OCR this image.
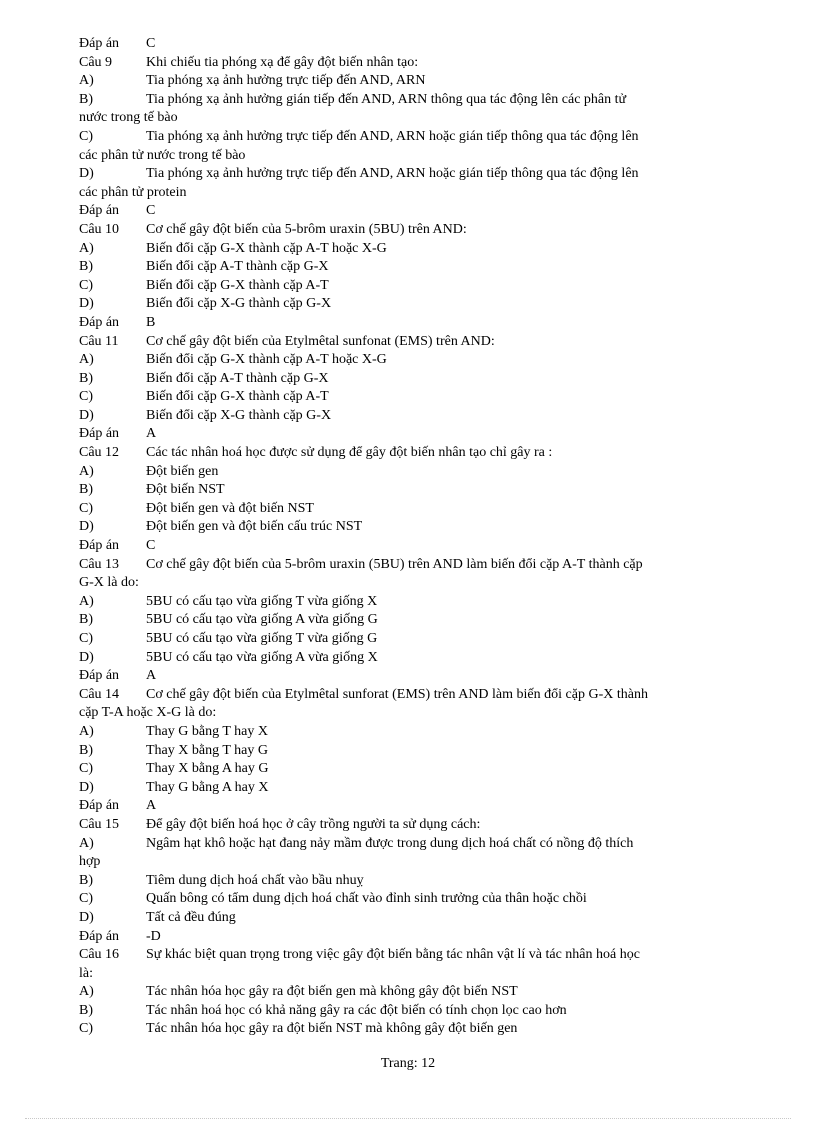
Đáp án	C
Câu 9	Khi chiếu tia phóng xạ để gây đột biến nhân tạo:
A)	Tia phóng xạ ảnh hưởng trực tiếp đến AND, ARN
B)	Tia phóng xạ ảnh hưởng gián tiếp đến AND, ARN thông qua tác động lên các phân tử
nước trong tế bào
C)	Tia phóng xạ ảnh hưởng trực tiếp đến AND, ARN hoặc gián tiếp thông qua tác động lên
các phân tử nước trong tế bào
D)	Tia phóng xạ ảnh hưởng trực tiếp đến AND, ARN hoặc gián tiếp thông qua tác động lên
các phân tử protein
Đáp án	C
Câu 10	Cơ chế gây đột biến của 5-brôm uraxin (5BU) trên AND:
A)	Biến đổi cặp G-X thành cặp A-T hoặc X-G
B)	Biến đổi cặp A-T thành cặp G-X
C)	Biến đổi cặp G-X thành cặp A-T
D)	Biến đổi cặp X-G thành cặp G-X
Đáp án	B
Câu 11	Cơ chế gây đột biến của Etylmêtal sunfonat (EMS) trên AND:
A)	Biến đổi cặp G-X thành cặp A-T hoặc X-G
B)	Biến đổi cặp A-T thành cặp G-X
C)	Biến đổi cặp G-X thành cặp A-T
D)	Biến đổi cặp X-G thành cặp G-X
Đáp án	A
Câu 12	Các tác nhân hoá học được sử dụng để gây đột biến nhân tạo chỉ gây ra :
A)	Đột biến gen
B)	Đột biến NST
C)	Đột biến gen và đột biến NST
D)	Đột biến gen và đột biến cấu trúc NST
Đáp án	C
Câu 13	Cơ chế gây đột biến của 5-brôm uraxin (5BU) trên AND làm biến đổi cặp A-T thành cặp
G-X là do:
A)	5BU có cấu tạo vừa giống T vừa giống X
B)	5BU có cấu tạo vừa giống A vừa giống G
C)	5BU có cấu tạo vừa giống T vừa giống G
D)	5BU có cấu tạo vừa giống A vừa giống X
Đáp án	A
Câu 14	Cơ chế gây đột biến của Etylmêtal sunforat (EMS) trên AND làm biến đổi cặp G-X thành
cặp T-A hoặc X-G là do:
A)	Thay G bằng T hay X
B)	Thay X bằng T hay G
C)	Thay X bằng A hay G
D)	Thay G bằng A hay X
Đáp án	A
Câu 15	Để gây đột biến hoá học ở cây trồng người ta sử dụng cách:
A)	Ngâm hạt khô hoặc hạt đang nảy mầm được trong dung dịch hoá chất có nồng độ thích
hợp
B)	Tiêm dung dịch hoá chất vào bầu nhuỵ
C)	Quấn bông có tẩm dung dịch hoá chất vào đỉnh sinh trưởng của thân hoặc chồi
D)	Tất cả đều đúng
Đáp án	-D
Câu 16	Sự khác biệt quan trọng trong việc gây đột biến bằng tác nhân vật lí và tác nhân hoá học
là:
A)	Tác nhân hóa học gây ra đột biến gen mà không gây đột biến NST
B)	Tác nhân hoá học có khả năng gây ra các đột biến có tính chọn lọc cao hơn
C)	Tác nhân hóa học gây ra đột biến NST mà không gây đột biến gen
Trang: 12
